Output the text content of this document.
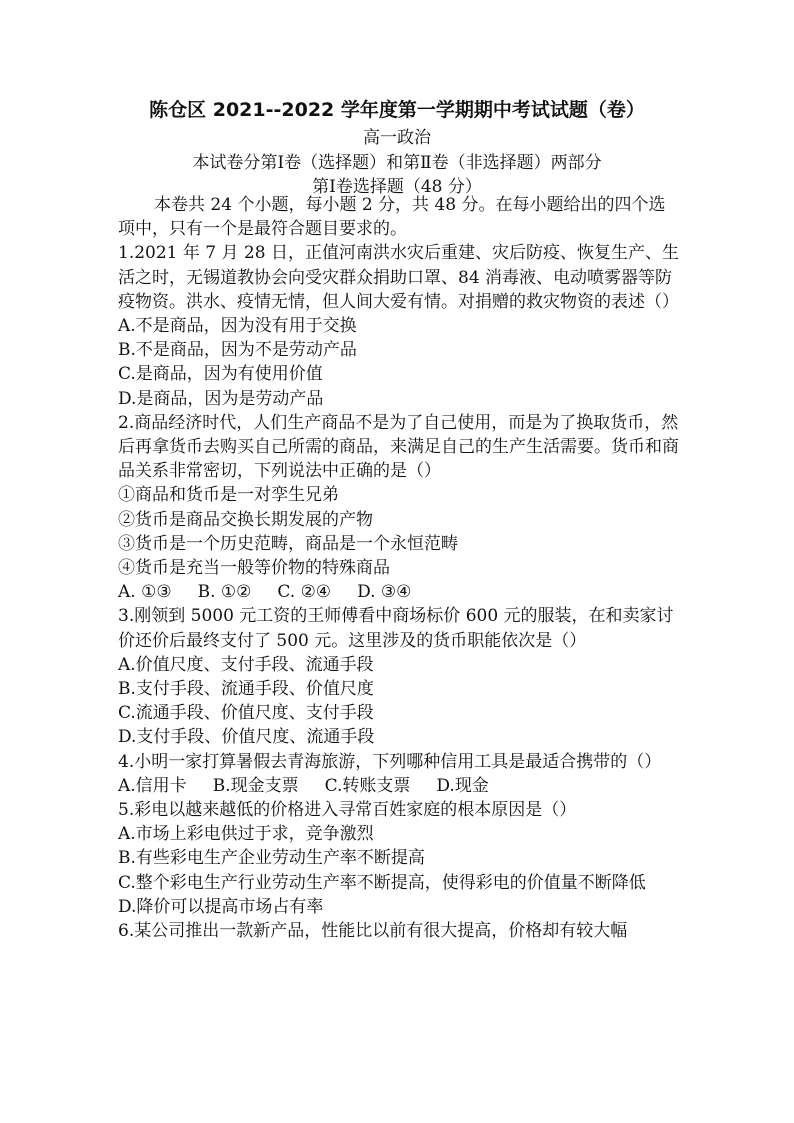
陈仓区 2021--2022 学年度第一学期期中考试试题（卷）
高一政治
本试卷分第Ⅰ卷（选择题）和第Ⅱ卷（非选择题）两部分
第Ⅰ卷选择题（48 分）

本卷共 24 个小题，每小题 2 分，共 48 分。在每小题给出的四个选项中，只有一个是最符合题目要求的。

1.2021 年 7 月 28 日，正值河南洪水灾后重建、灾后防疫、恢复生产、生活之时，无锡道教协会向受灾群众捐助口罩、84 消毒液、电动喷雾器等防疫物资。洪水、疫情无情，但人间大爱有情。对捐赠的救灾物资的表述（）

A.不是商品，因为没有用于交换

B.不是商品，因为不是劳动产品

C.是商品，因为有使用价值

D.是商品，因为是劳动产品

2.商品经济时代，人们生产商品不是为了自己使用，而是为了换取货币，然后再拿货币去购买自己所需的商品，来满足自己的生产生活需要。货币和商品关系非常密切，下列说法中正确的是（）

①商品和货币是一对孪生兄弟

②货币是商品交换长期发展的产物

③货币是一个历史范畴，商品是一个永恒范畴

④货币是充当一般等价物的特殊商品

A. ①③ B. ①② C. ②④ D. ③④

3.刚领到 5000 元工资的王师傅看中商场标价 600 元的服装，在和卖家讨价还价后最终支付了 500 元。这里涉及的货币职能依次是（）

A.价值尺度、支付手段、流通手段

B.支付手段、流通手段、价值尺度

C.流通手段、价值尺度、支付手段

D.支付手段、价值尺度、流通手段

4.小明一家打算暑假去青海旅游，下列哪种信用工具是最适合携带的（）

A.信用卡 B.现金支票 C.转账支票 D.现金

5.彩电以越来越低的价格进入寻常百姓家庭的根本原因是（）

A.市场上彩电供过于求，竞争激烈

B.有些彩电生产企业劳动生产率不断提高

C.整个彩电生产行业劳动生产率不断提高，使得彩电的价值量不断降低

D.降价可以提高市场占有率

6.某公司推出一款新产品，性能比以前有很大提高，价格却有较大幅
